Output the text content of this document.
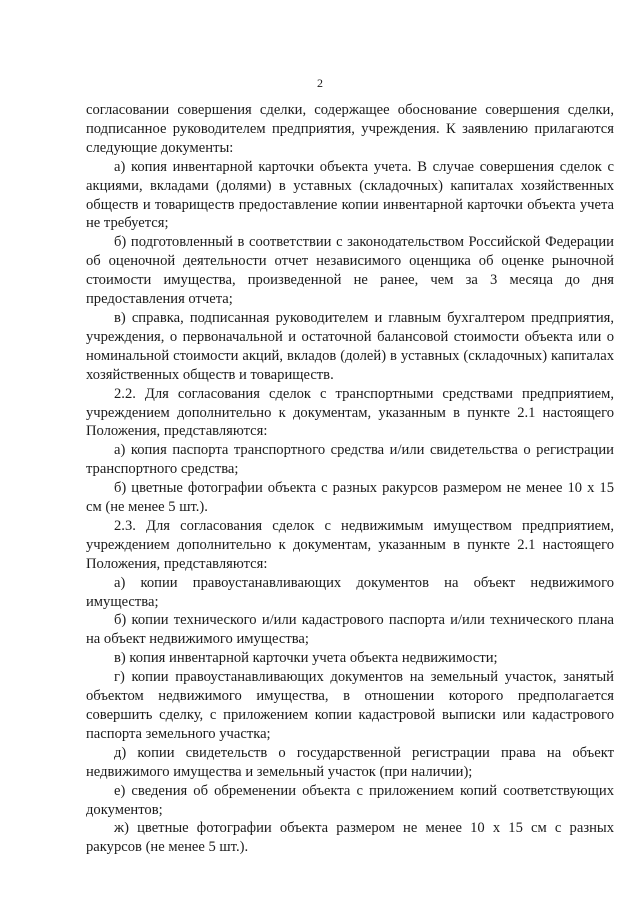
2

согласовании совершения сделки, содержащее обоснование совершения сделки, подписанное руководителем предприятия, учреждения. К заявлению прилагаются следующие документы:

а) копия инвентарной карточки объекта учета. В случае совершения сделок с акциями, вкладами (долями) в уставных (складочных) капиталах хозяйственных обществ и товариществ предоставление копии инвентарной карточки объекта учета не требуется;

б) подготовленный в соответствии с законодательством Российской Федерации об оценочной деятельности отчет независимого оценщика об оценке рыночной стоимости имущества, произведенной не ранее, чем за 3 месяца до дня предоставления отчета;

в) справка, подписанная руководителем и главным бухгалтером предприятия, учреждения, о первоначальной и остаточной балансовой стоимости объекта или о номинальной стоимости акций, вкладов (долей) в уставных (складочных) капиталах хозяйственных обществ и товариществ.

2.2. Для согласования сделок с транспортными средствами предприятием, учреждением дополнительно к документам, указанным в пункте 2.1 настоящего Положения, представляются:

а) копия паспорта транспортного средства и/или свидетельства о регистрации транспортного средства;

б) цветные фотографии объекта с разных ракурсов размером не менее 10 х 15 см (не менее 5 шт.).

2.3. Для согласования сделок с недвижимым имуществом предприятием, учреждением дополнительно к документам, указанным в пункте 2.1 настоящего Положения, представляются:

а) копии правоустанавливающих документов на объект недвижимого имущества;

б) копии технического и/или кадастрового паспорта и/или технического плана на объект недвижимого имущества;

в) копия инвентарной карточки учета объекта недвижимости;

г) копии правоустанавливающих документов на земельный участок, занятый объектом недвижимого имущества, в отношении которого предполагается совершить сделку, с приложением копии кадастровой выписки или кадастрового паспорта земельного участка;

д) копии свидетельств о государственной регистрации права на объект недвижимого имущества и земельный участок (при наличии);

е) сведения об обременении объекта с приложением копий соответствующих документов;

ж) цветные фотографии объекта размером не менее 10 х 15 см с разных ракурсов (не менее 5 шт.).
